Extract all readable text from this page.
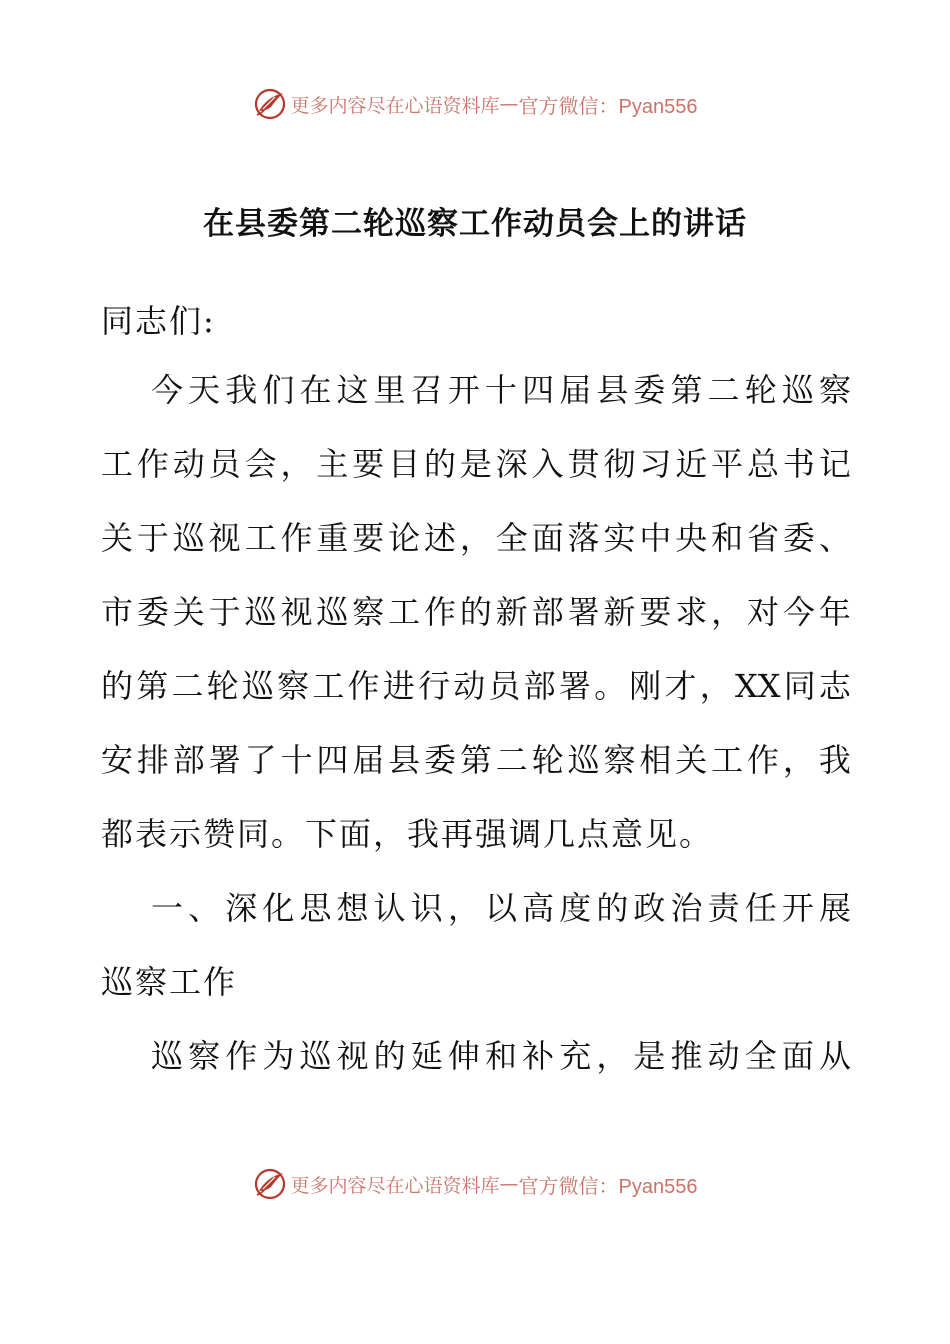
更多内容尽在心语资料库 — 官方微信：Pyan556
在县委第二轮巡察工作动员会上的讲话
同志们:
今 天 我 们 在 这 里 召 开 十 四 届 县 委 第 二 轮 巡 察
工 作 动 员 会 ， 主 要 目 的 是 深 入 贯 彻 习 近 平 总 书 记
关 于 巡 视 工 作 重 要 论 述 ， 全 面 落 实 中 央 和 省 委 、
市 委 关 于 巡 视 巡 察 工 作 的 新 部 署 新 要 求 ， 对 今 年
的 第 二 轮 巡 察 工 作 进 行 动 员 部 署 。 刚 才 ， XX 同 志
安 排 部 署 了 十 四 届 县 委 第 二 轮 巡 察 相 关 工 作 ， 我
都表示赞同。下面，我再强调几点意见。
一 、 深 化 思 想 认 识 ， 以 高 度 的 政 治 责 任 开 展
巡察工作
巡 察 作 为 巡 视 的 延 伸 和 补 充 ， 是 推 动 全 面 从
更多内容尽在心语资料库 — 官方微信：Pyan556
